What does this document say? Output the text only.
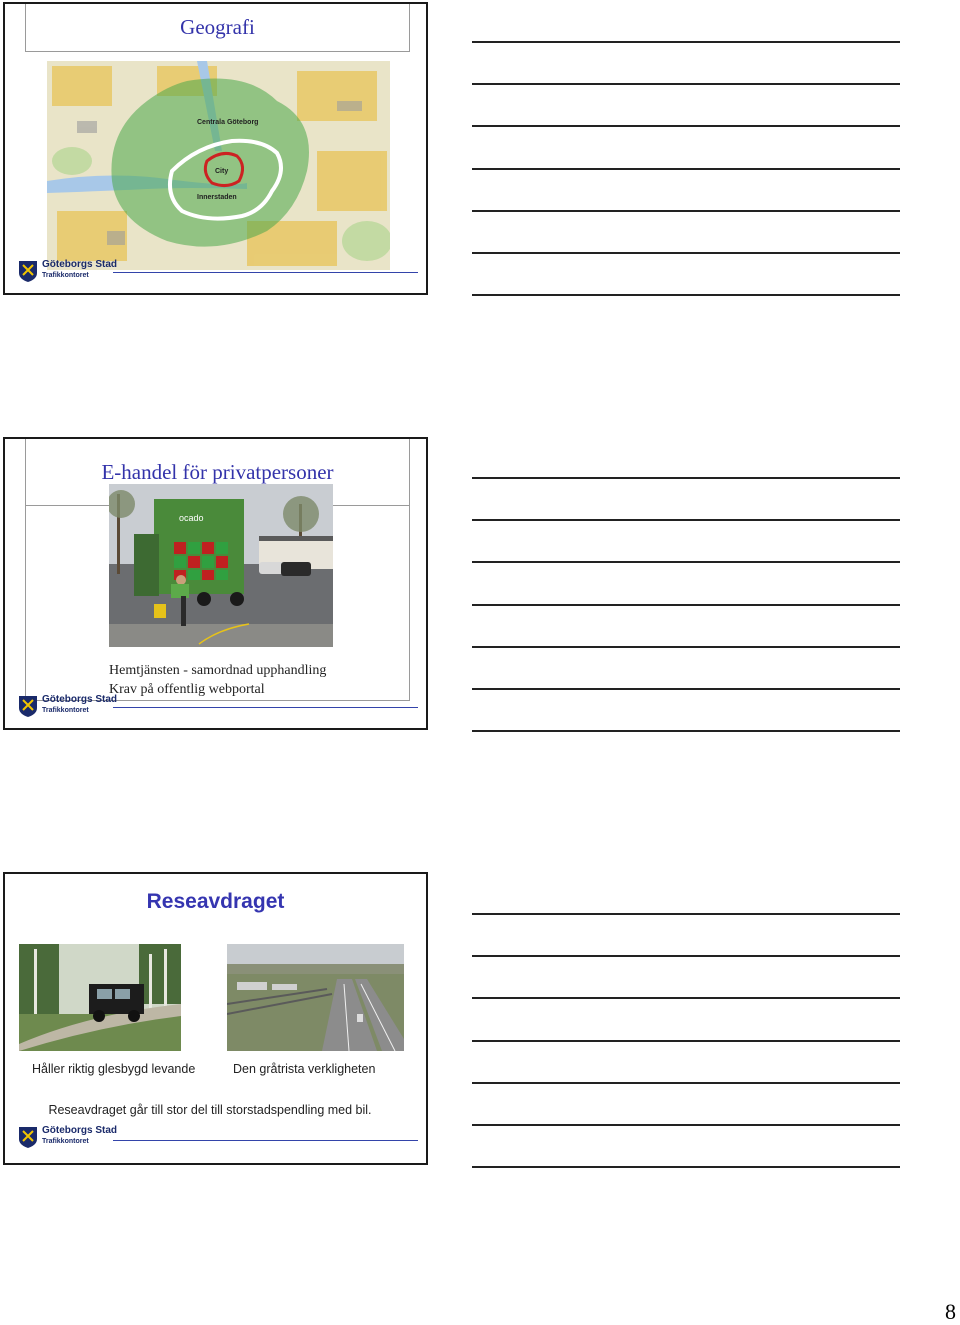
Geografi
Centrala Göteborg
City
Innerstaden
Göteborgs Stad
Trafikkontoret
E-handel för privatpersoner
ocado
Hemtjänsten - samordnad upphandling
Krav på offentlig webportal
Göteborgs Stad
Trafikkontoret
Reseavdraget
Håller riktig glesbygd levande	Den gråtrista verkligheten
Reseavdraget går till stor del till storstadspendling med bil.
Göteborgs Stad
Trafikkontoret
8
